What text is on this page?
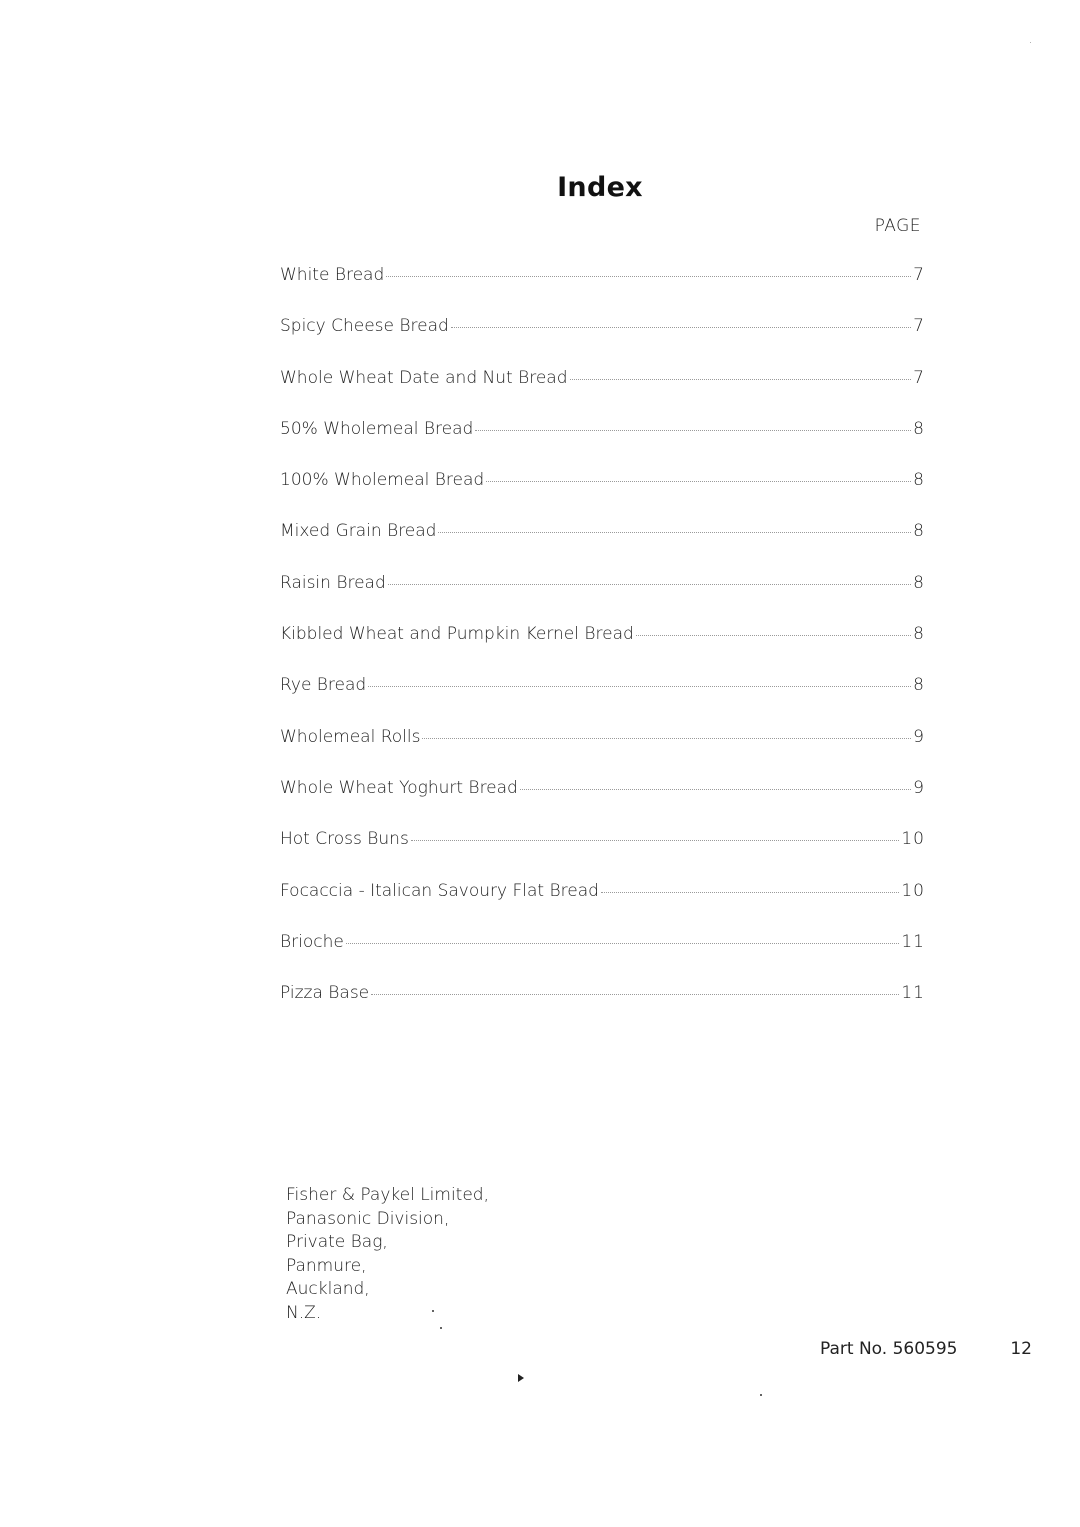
Index
PAGE
White Bread	7
Spicy Cheese Bread	7
Whole Wheat Date and Nut Bread	7
50% Wholemeal Bread	8
100% Wholemeal Bread	8
Mixed Grain Bread	8
Raisin Bread	8
Kibbled Wheat and Pumpkin Kernel Bread	8
Rye Bread	8
Wholemeal Rolls	9
Whole Wheat Yoghurt Bread	9
Hot Cross Buns	10
Focaccia - Italican Savoury Flat Bread	10
Brioche	11
Pizza Base	11
Fisher & Paykel Limited,
Panasonic Division,
Private Bag,
Panmure,
Auckland,
N.Z.
Part No. 560595	12
